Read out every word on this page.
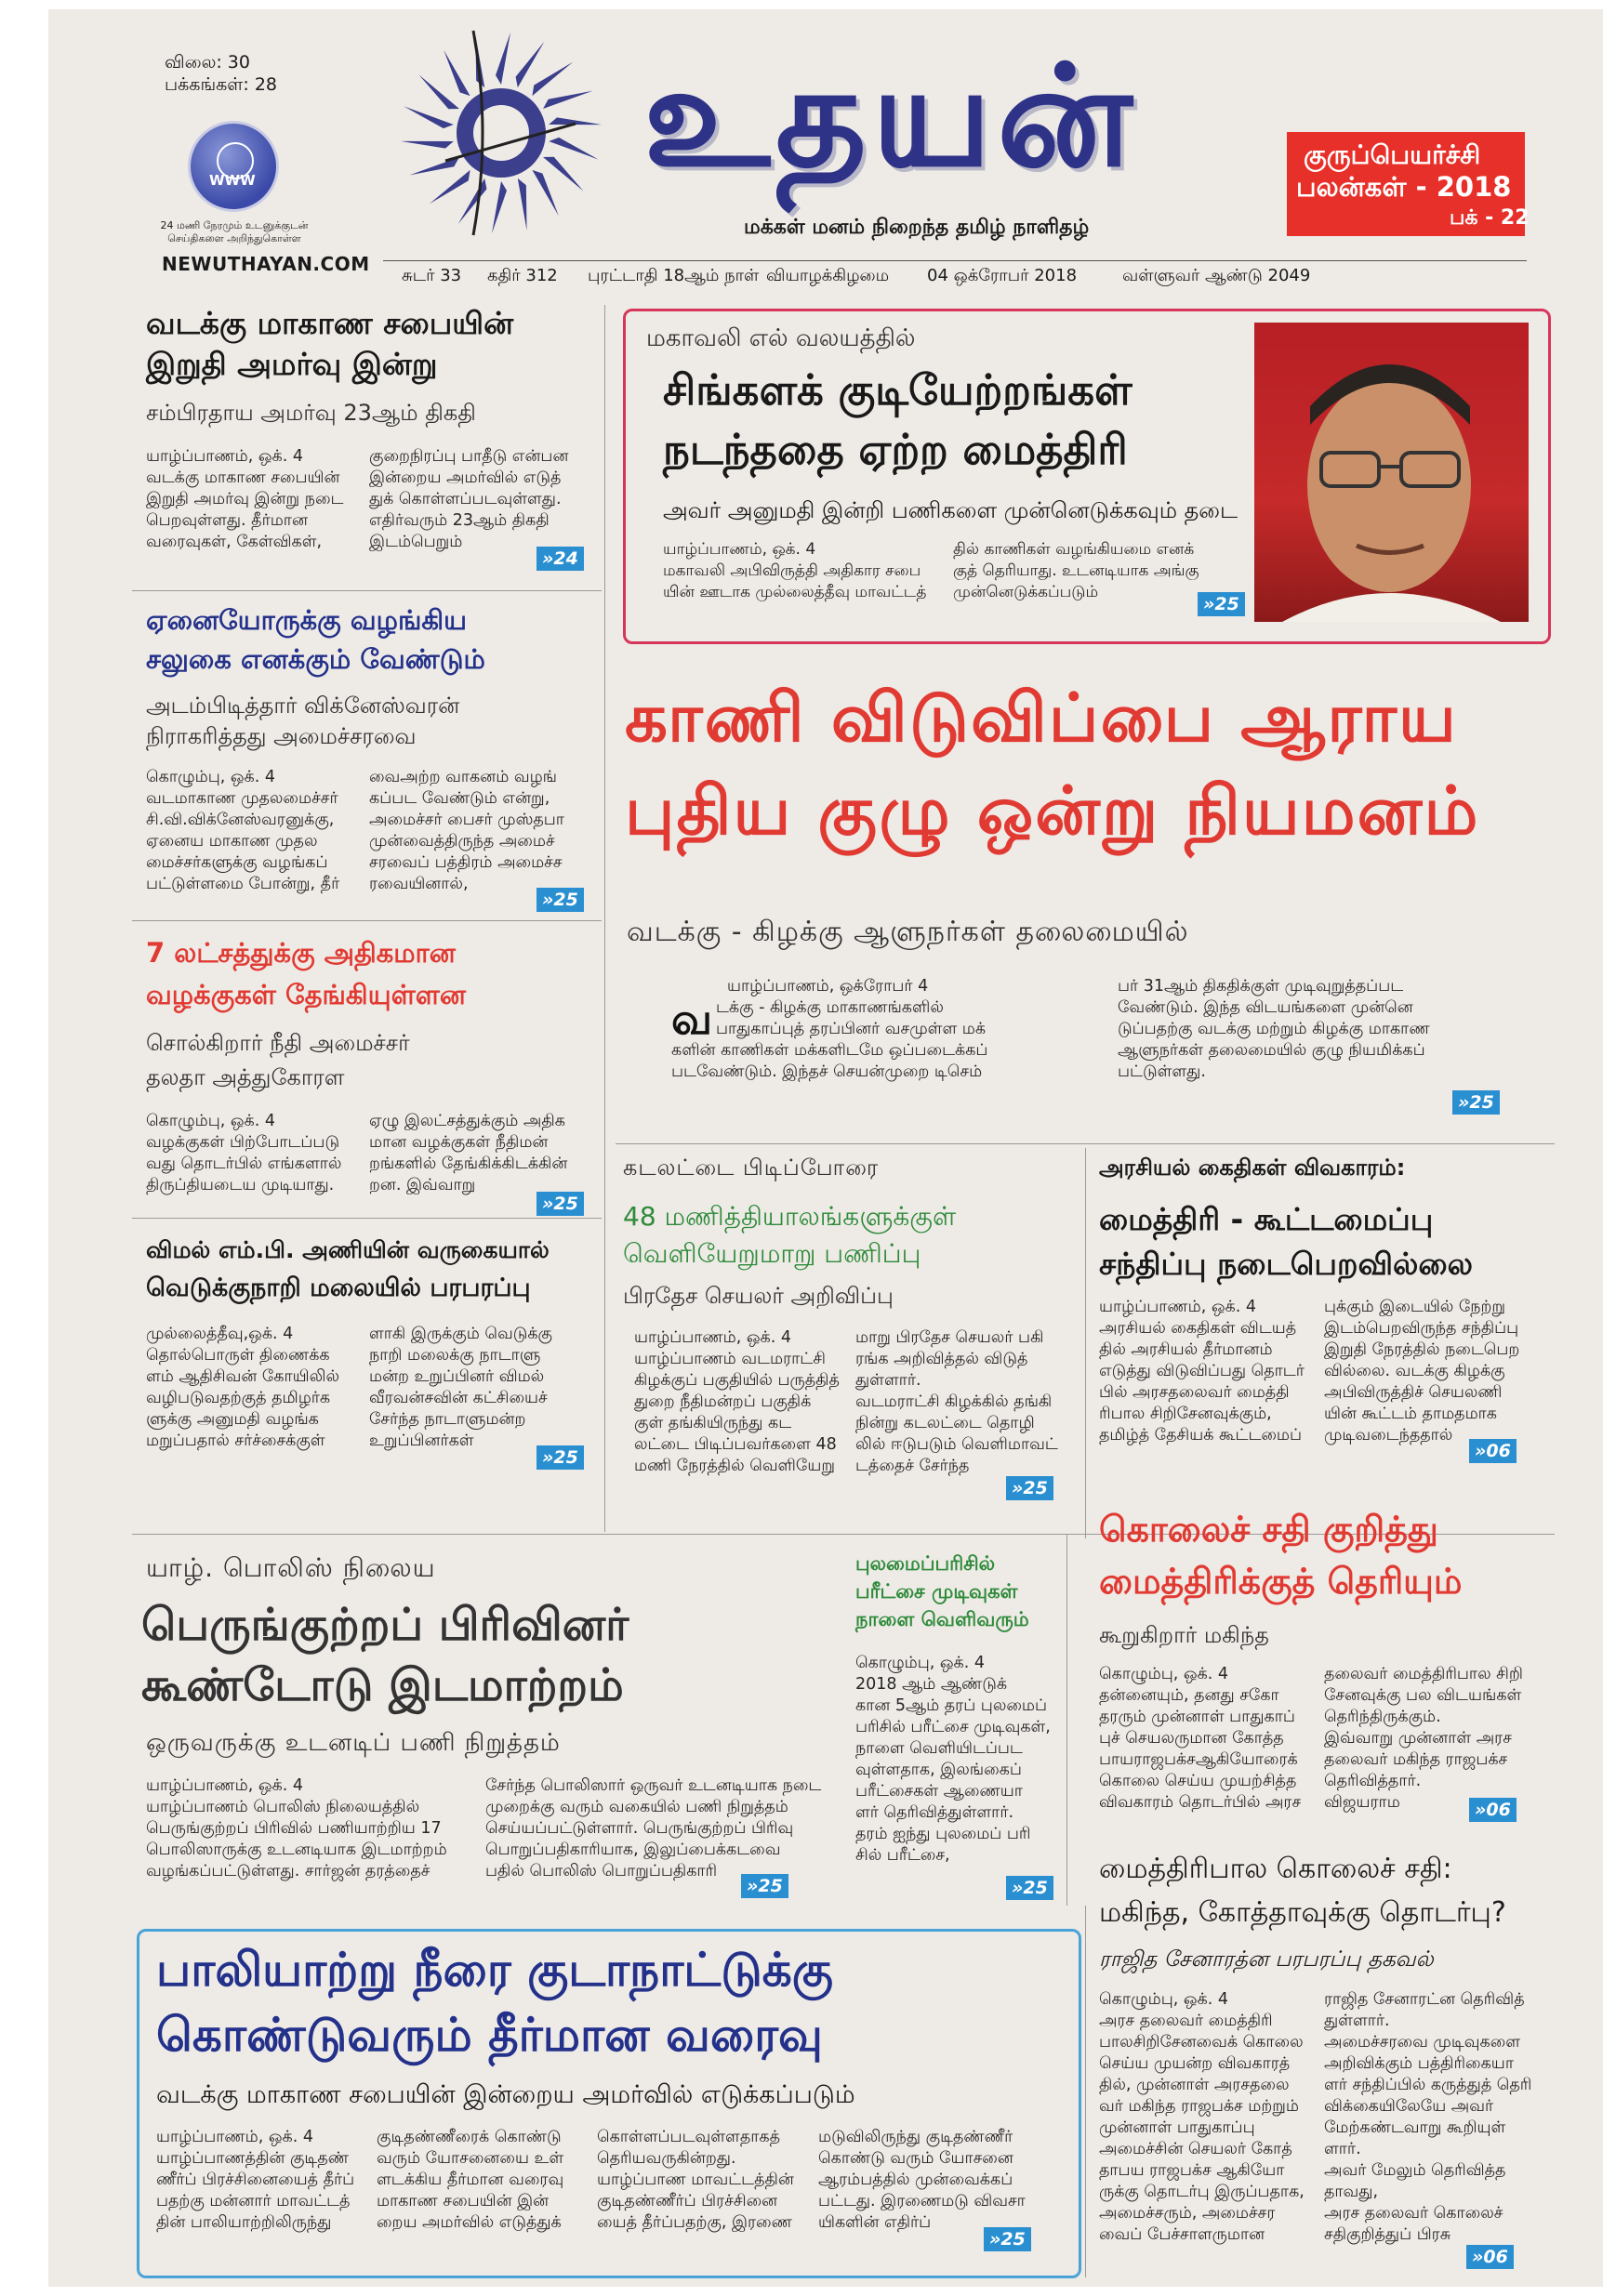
விலை: 30
பக்கங்கள்: 28
WWW
24 மணி நேரமும் உடனுக்குடன் செய்திகளை அறிந்துகொள்ள
NEWUTHAYAN.COM
உதயன்
மக்கள் மனம் நிறைந்த தமிழ் நாளிதழ்
குருப்பெயர்ச்சி
பலன்கள் - 2018
பக் - 22
சுடர் 33 கதிர் 312 புரட்டாதி 18ஆம் நாள் வியாழக்கிழமை 04 ஒக்ரோபர் 2018	வள்ளுவர் ஆண்டு 2049
வடக்கு மாகாண சபையின்
இறுதி அமர்வு இன்று
சம்பிரதாய அமர்வு 23ஆம் திகதி
யாழ்ப்பாணம், ஒக். 4
வடக்கு மாகாண சபையின்
இறுதி அமர்வு இன்று நடை
பெறவுள்ளது. தீர்மான
வரைவுகள், கேள்விகள்,
குறைநிரப்பு பாதீடு என்பன
இன்றைய அமர்வில் எடுத்
துக் கொள்ளப்படவுள்ளது.
எதிர்வரும் 23ஆம் திகதி
இடம்பெறும்
»24
ஏனையோருக்கு வழங்கிய
சலுகை எனக்கும் வேண்டும்
அடம்பிடித்தார் விக்னேஸ்வரன்
நிராகரித்தது அமைச்சரவை
கொழும்பு, ஒக். 4
வடமாகாண முதலமைச்சர்
சி.வி.விக்னேஸ்வரனுக்கு,
ஏனைய மாகாண முதல
மைச்சர்களுக்கு வழங்கப்
பட்டுள்ளமை போன்று, தீர்
வைஅற்ற வாகனம் வழங்
கப்பட வேண்டும் என்று,
அமைச்சர் பைசர் முஸ்தபா
முன்வைத்திருந்த அமைச்
சரவைப் பத்திரம் அமைச்ச
ரவையினால்,
»25
7 லட்சத்துக்கு அதிகமான
வழக்குகள் தேங்கியுள்ளன
சொல்கிறார் நீதி அமைச்சர்
தலதா அத்துகோரள
கொழும்பு, ஒக். 4
வழக்குகள் பிற்போடப்படு
வது தொடர்பில் எங்களால்
திருப்தியடைய முடியாது.
ஏழு இலட்சத்துக்கும் அதிக
மான வழக்குகள் நீதிமன்
றங்களில் தேங்கிக்கிடக்கின்
றன. இவ்வாறு
»25
விமல் எம்.பி. அணியின் வருகையால்
வெடுக்குநாறி மலையில் பரபரப்பு
முல்லைத்தீவு,ஒக். 4
தொல்பொருள் திணைக்க
ளம் ஆதிசிவன் கோயிலில்
வழிபடுவதற்குத் தமிழர்க
ளுக்கு அனுமதி வழங்க
மறுப்பதால் சர்ச்சைக்குள்
ளாகி இருக்கும் வெடுக்கு
நாறி மலைக்கு நாடாளு
மன்ற உறுப்பினர் விமல்
வீரவன்சவின் கட்சியைச்
சேர்ந்த நாடாளுமன்ற
உறுப்பினர்கள்
»25
மகாவலி எல் வலயத்தில்
சிங்களக் குடியேற்றங்கள்
நடந்ததை ஏற்ற மைத்திரி
அவர் அனுமதி இன்றி பணிகளை முன்னெடுக்கவும் தடை
யாழ்ப்பாணம், ஒக். 4
மகாவலி அபிவிருத்தி அதிகார சபை
யின் ஊடாக முல்லைத்தீவு மாவட்டத்
தில் காணிகள் வழங்கியமை எனக்
குத் தெரியாது. உடனடியாக அங்கு
முன்னெடுக்கப்படும்
»25
காணி விடுவிப்பை ஆராய
புதிய குழு ஒன்று நியமனம்
வடக்கு - கிழக்கு ஆளுநர்கள் தலைமையில்
யாழ்ப்பாணம், ஒக்ரோபர் 4
வ டக்கு - கிழக்கு மாகாணங்களில்
பாதுகாப்புத் தரப்பினர் வசமுள்ள மக்
களின் காணிகள் மக்களிடமே ஒப்படைக்கப்
படவேண்டும். இந்தச் செயன்முறை டிசெம்
பர் 31ஆம் திகதிக்குள் முடிவுறுத்தப்பட
வேண்டும். இந்த விடயங்களை முன்னெ
டுப்பதற்கு வடக்கு மற்றும் கிழக்கு மாகாண
ஆளுநர்கள் தலைமையில் குழு நியமிக்கப்
பட்டுள்ளது.
»25
கடலட்டை பிடிப்போரை
48 மணித்தியாலங்களுக்குள்
வெளியேறுமாறு பணிப்பு
பிரதேச செயலர் அறிவிப்பு
யாழ்ப்பாணம், ஒக். 4
யாழ்ப்பாணம் வடமராட்சி
கிழக்குப் பகுதியில் பருத்தித்
துறை நீதிமன்றப் பகுதிக்
குள் தங்கியிருந்து கட
லட்டை பிடிப்பவர்களை 48
மணி நேரத்தில் வெளியேறு
மாறு பிரதேச செயலர் பகி
ரங்க அறிவித்தல் விடுத்
துள்ளார்.
வடமராட்சி கிழக்கில் தங்கி
நின்று கடலட்டை தொழி
லில் ஈடுபடும் வெளிமாவட்
டத்தைச் சேர்ந்த
»25
அரசியல் கைதிகள் விவகாரம்:
மைத்திரி - கூட்டமைப்பு
சந்திப்பு நடைபெறவில்லை
யாழ்ப்பாணம், ஒக். 4
அரசியல் கைதிகள் விடயத்
தில் அரசியல் தீர்மானம்
எடுத்து விடுவிப்பது தொடர்
பில் அரசதலைவர் மைத்தி
ரிபால சிறிசேனவுக்கும்,
தமிழ்த் தேசியக் கூட்டமைப்
புக்கும் இடையில் நேற்று
இடம்பெறவிருந்த சந்திப்பு
இறுதி நேரத்தில் நடைபெற
வில்லை. வடக்கு கிழக்கு
அபிவிருத்திச் செயலணி
யின் கூட்டம் தாமதமாக
முடிவடைந்ததால்
»06
யாழ். பொலிஸ் நிலைய
பெருங்குற்றப் பிரிவினர்
கூண்டோடு இடமாற்றம்
ஒருவருக்கு உடனடிப் பணி நிறுத்தம்
யாழ்ப்பாணம், ஒக். 4
யாழ்ப்பாணம் பொலிஸ் நிலையத்தில்
பெருங்குற்றப் பிரிவில் பணியாற்றிய 17
பொலிஸாருக்கு உடனடியாக இடமாற்றம்
வழங்கப்பட்டுள்ளது. சார்ஜன் தரத்தைச்
சேர்ந்த பொலிஸார் ஒருவர் உடனடியாக நடை
முறைக்கு வரும் வகையில் பணி நிறுத்தம்
செய்யப்பட்டுள்ளார். பெருங்குற்றப் பிரிவு
பொறுப்பதிகாரியாக, இலுப்பைக்கடவை
பதில் பொலிஸ் பொறுப்பதிகாரி
»25
புலமைப்பரிசில்
பரீட்சை முடிவுகள்
நாளை வெளிவரும்
கொழும்பு, ஒக். 4
2018 ஆம் ஆண்டுக்
கான 5ஆம் தரப் புலமைப்
பரிசில் பரீட்சை முடிவுகள்,
நாளை வெளியிடப்பட
வுள்ளதாக, இலங்கைப்
பரீட்சைகள் ஆணையா
ளர் தெரிவித்துள்ளார்.
தரம் ஐந்து புலமைப் பரி
சில் பரீட்சை,
»25
கொலைச் சதி குறித்து
மைத்திரிக்குத் தெரியும்
கூறுகிறார் மகிந்த
கொழும்பு, ஒக். 4
தன்னையும், தனது சகோ
தரரும் முன்னாள் பாதுகாப்
புச் செயலருமான கோத்த
பாயராஜபக்சஆகியோரைக்
கொலை செய்ய முயற்சித்த
விவகாரம் தொடர்பில் அரச
தலைவர் மைத்திரிபால சிறி
சேனவுக்கு பல விடயங்கள்
தெரிந்திருக்கும்.
இவ்வாறு முன்னாள் அரச
தலைவர் மகிந்த ராஜபக்ச
தெரிவித்தார்.
விஜயராம	»06
மைத்திரிபால கொலைச் சதி:
மகிந்த, கோத்தாவுக்கு தொடர்பு?
ராஜித சேனாரத்ன பரபரப்பு தகவல்
கொழும்பு, ஒக். 4
அரச தலைவர் மைத்திரி
பாலசிறிசேனவைக் கொலை
செய்ய முயன்ற விவகாரத்
தில், முன்னாள் அரசதலை
வர் மகிந்த ராஜபக்ச மற்றும்
முன்னாள் பாதுகாப்பு
அமைச்சின் செயலர் கோத்
தாபய ராஜபக்ச ஆகியோ
ருக்கு தொடர்பு இருப்பதாக,
அமைச்சரும், அமைச்சர
வைப் பேச்சாளருமான
ராஜித சேனாரட்ன தெரிவித்
துள்ளார்.
அமைச்சரவை முடிவுகளை
அறிவிக்கும் பத்திரிகையா
ளர் சந்திப்பில் கருத்துத் தெரி
விக்கையிலேயே அவர்
மேற்கண்டவாறு கூறியுள்
ளார்.
அவர் மேலும் தெரிவித்த
தாவது,
அரச தலைவர் கொலைச்
சதிகுறித்துப் பிரசு
»06
பாலியாற்று நீரை குடாநாட்டுக்கு
கொண்டுவரும் தீர்மான வரைவு
வடக்கு மாகாண சபையின் இன்றைய அமர்வில் எடுக்கப்படும்
யாழ்ப்பாணம், ஒக். 4
யாழ்ப்பாணத்தின் குடிதண்
ணீர்ப் பிரச்சினையைத் தீர்ப்
பதற்கு மன்னார் மாவட்டத்
தின் பாலியாற்றிலிருந்து
குடிதண்ணீரைக் கொண்டு
வரும் யோசனையை உள்
ளடக்கிய தீர்மான வரைவு
மாகாண சபையின் இன்
றைய அமர்வில் எடுத்துக்
கொள்ளப்படவுள்ளதாகத்
தெரியவருகின்றது.
யாழ்ப்பாண மாவட்டத்தின்
குடிதண்ணீர்ப் பிரச்சினை
யைத் தீர்ப்பதற்கு, இரணை
மடுவிலிருந்து குடிதண்ணீர்
கொண்டு வரும் யோசனை
ஆரம்பத்தில் முன்வைக்கப்
பட்டது. இரணைமடு விவசா
யிகளின் எதிர்ப்
»25
